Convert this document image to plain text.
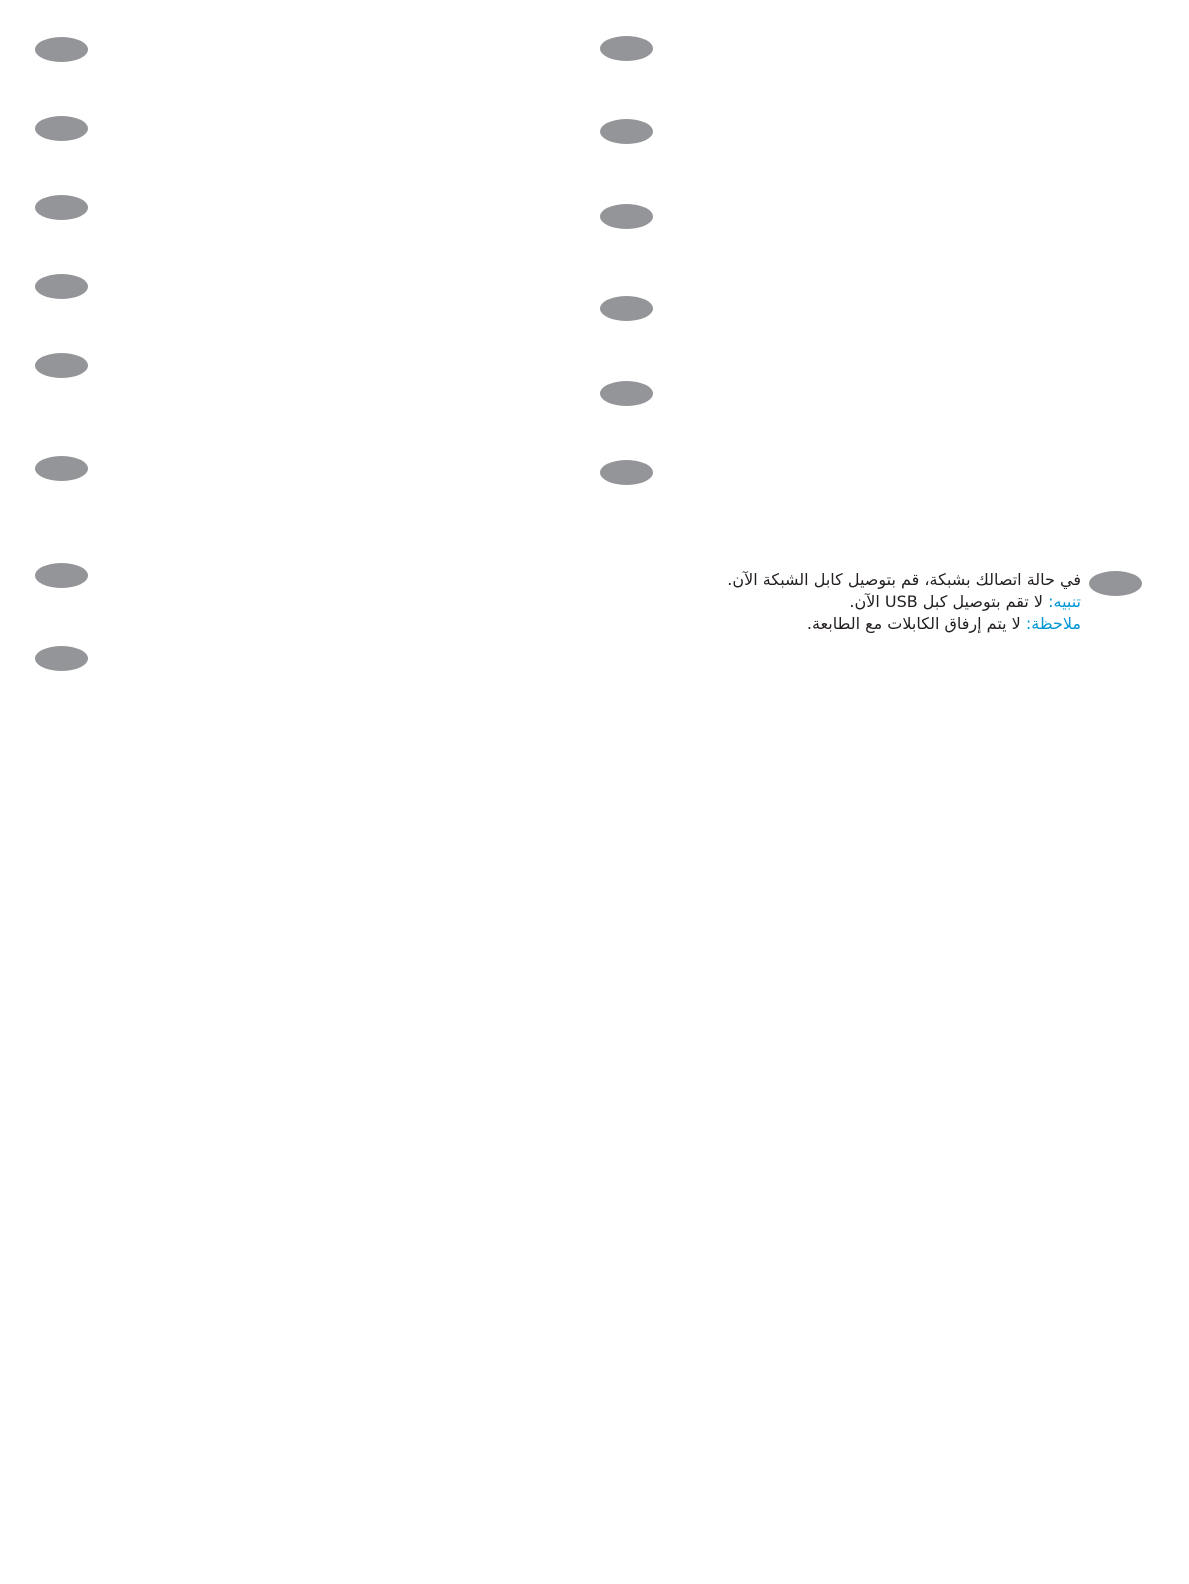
في حالة اتصالك بشبكة، قم بتوصيل كابل الشبكة الآن.
تنبيه: لا تقم بتوصيل كبل USB الآن.
ملاحظة: لا يتم إرفاق الكابلات مع الطابعة.
